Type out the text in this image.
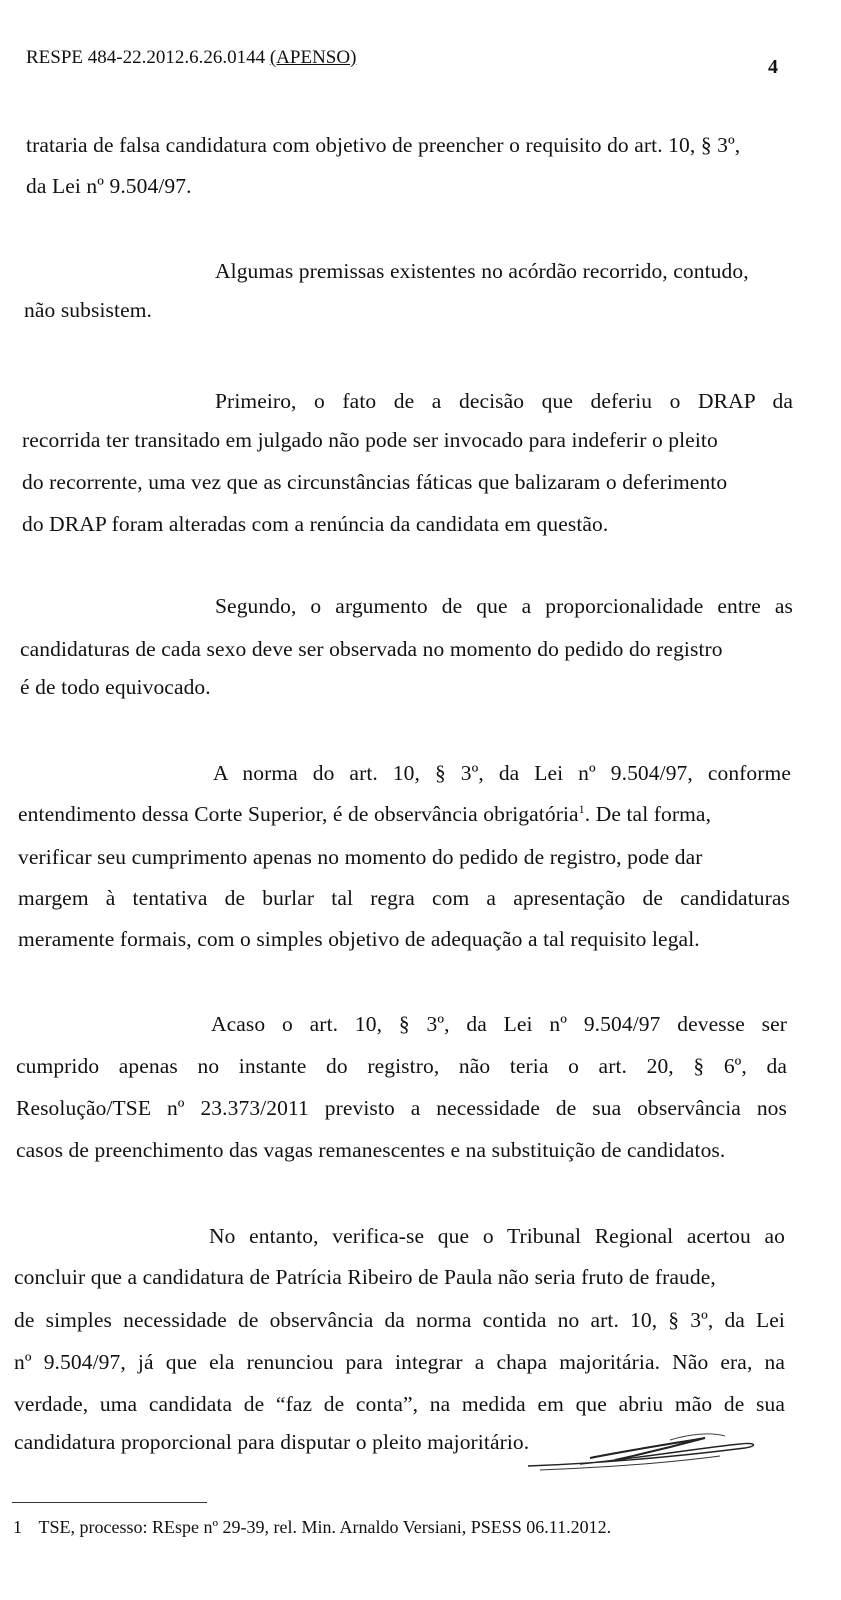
RESPE 484-22.2012.6.26.0144 (APENSO)	4
trataria de falsa candidatura com objetivo de preencher o requisito do art. 10, § 3º,
da Lei nº 9.504/97.
Algumas premissas existentes no acórdão recorrido, contudo,
não subsistem.
Primeiro, o fato de a decisão que deferiu o DRAP da
recorrida ter transitado em julgado não pode ser invocado para indeferir o pleito
do recorrente, uma vez que as circunstâncias fáticas que balizaram o deferimento
do DRAP foram alteradas com a renúncia da candidata em questão.
Segundo, o argumento de que a proporcionalidade entre as
candidaturas de cada sexo deve ser observada no momento do pedido do registro
é de todo equivocado.
A norma do art. 10, § 3º, da Lei nº 9.504/97, conforme
entendimento dessa Corte Superior, é de observância obrigatória$^1$. De tal forma,
verificar seu cumprimento apenas no momento do pedido de registro, pode dar
margem à tentativa de burlar tal regra com a apresentação de candidaturas
meramente formais, com o simples objetivo de adequação a tal requisito legal.
Acaso o art. 10, § 3º, da Lei nº 9.504/97 devesse ser
cumprido apenas no instante do registro, não teria o art. 20, § 6º, da
Resolução/TSE nº 23.373/2011 previsto a necessidade de sua observância nos
casos de preenchimento das vagas remanescentes e na substituição de candidatos.
No entanto, verifica-se que o Tribunal Regional acertou ao
concluir que a candidatura de Patrícia Ribeiro de Paula não seria fruto de fraude,
de simples necessidade de observância da norma contida no art. 10, § 3º, da Lei
nº 9.504/97, já que ela renunciou para integrar a chapa majoritária. Não era, na
verdade, uma candidata de “faz de conta”, na medida em que abriu mão de sua
candidatura proporcional para disputar o pleito majoritário.
1 TSE, processo: REspe nº 29-39, rel. Min. Arnaldo Versiani, PSESS 06.11.2012.
